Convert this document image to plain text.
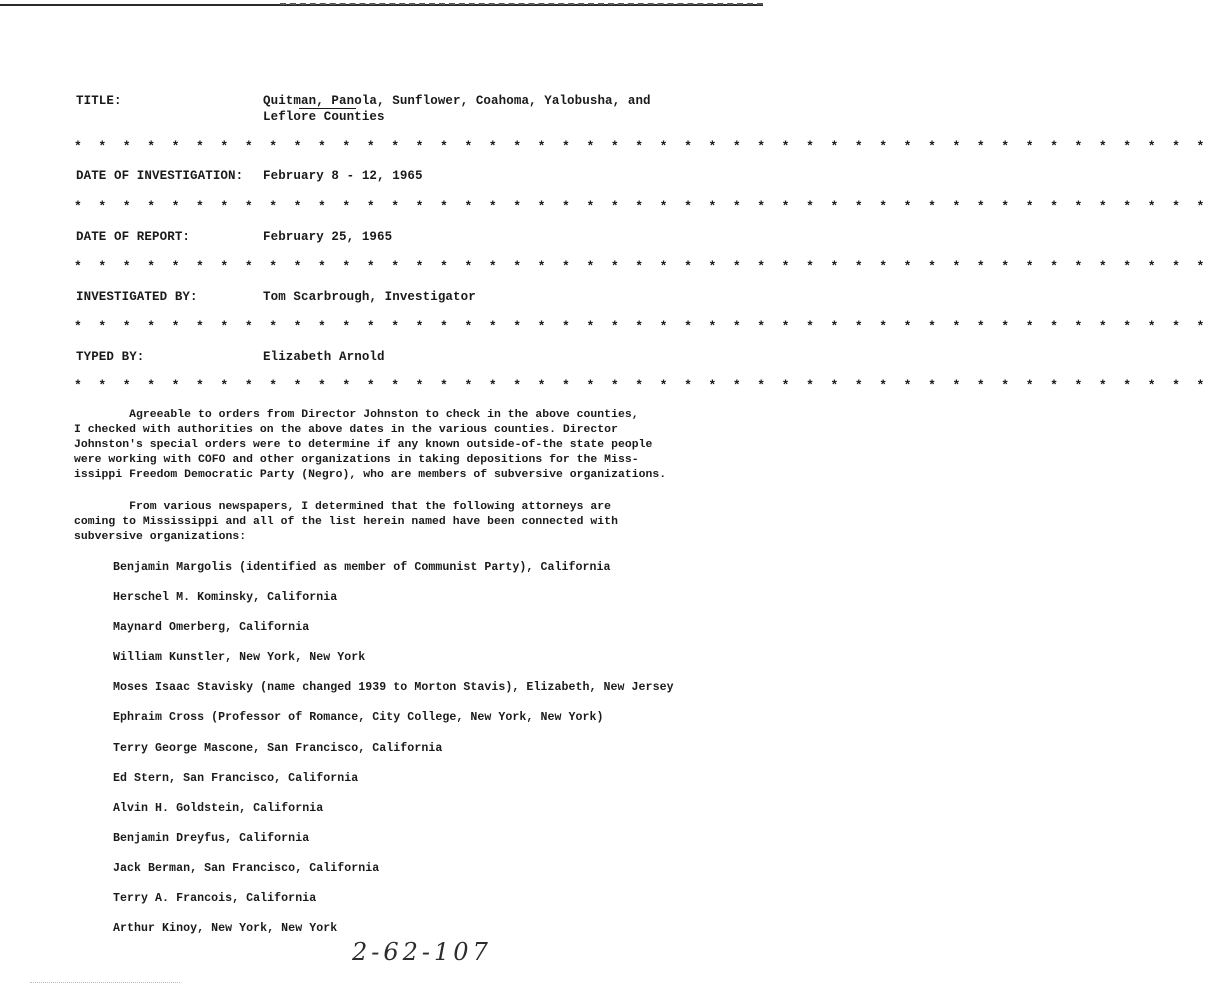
TITLE:	Quitman, Panola, Sunflower, Coahoma, Yalobusha, and
Leflore Counties
* * * * * * * * * * * * * * * * * * * * * * * * * * * * * * * * * * * * * * * * * * * * * * *
DATE OF INVESTIGATION: February 8 - 12, 1965
* * * * * * * * * * * * * * * * * * * * * * * * * * * * * * * * * * * * * * * * * * * * * * *
DATE OF REPORT:	February 25, 1965
* * * * * * * * * * * * * * * * * * * * * * * * * * * * * * * * * * * * * * * * * * * * * * *
INVESTIGATED BY:	Tom Scarbrough, Investigator
* * * * * * * * * * * * * * * * * * * * * * * * * * * * * * * * * * * * * * * * * * * * * * *
TYPED BY:	Elizabeth Arnold
* * * * * * * * * * * * * * * * * * * * * * * * * * * * * * * * * * * * * * * * * * * * * * *
Agreeable to orders from Director Johnston to check in the above counties,
I checked with authorities on the above dates in the various counties. Director
Johnston's special orders were to determine if any known outside-of-the state people
were working with COFO and other organizations in taking depositions for the Miss-
issippi Freedom Democratic Party (Negro), who are members of subversive organizations.
From various newspapers, I determined that the following attorneys are
coming to Mississippi and all of the list herein named have been connected with
subversive organizations:
Benjamin Margolis (identified as member of Communist Party), California
Herschel M. Kominsky, California
Maynard Omerberg, California
William Kunstler, New York, New York
Moses Isaac Stavisky (name changed 1939 to Morton Stavis), Elizabeth, New Jersey
Ephraim Cross (Professor of Romance, City College, New York, New York)
Terry George Mascone, San Francisco, California
Ed Stern, San Francisco, California
Alvin H. Goldstein, California
Benjamin Dreyfus, California
Jack Berman, San Francisco, California
Terry A. Francois, California
Arthur Kinoy, New York, New York
2-62-107
